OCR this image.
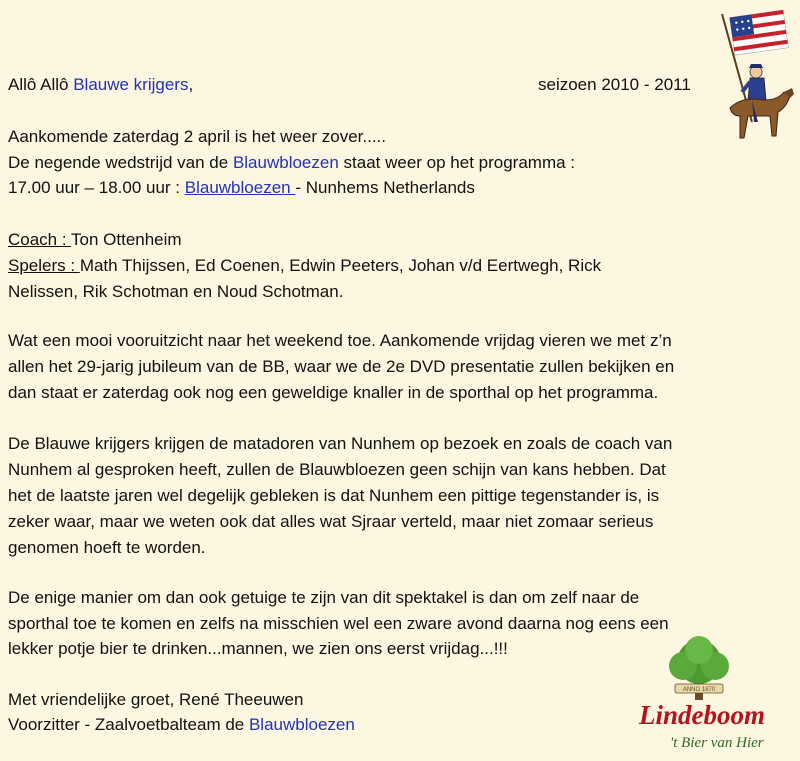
Allô Allô Blauwe krijgers,	seizoen 2010 - 2011
Aankomende zaterdag 2 april is het weer zover.....
De negende wedstrijd van de Blauwbloezen staat weer op het programma :
17.00 uur – 18.00 uur : Blauwbloezen - Nunhems Netherlands
Coach : Ton Ottenheim
Spelers : Math Thijssen, Ed Coenen, Edwin Peeters, Johan v/d Eertwegh, Rick
Nelissen, Rik Schotman en Noud Schotman.
Wat een mooi vooruitzicht naar het weekend toe. Aankomende vrijdag vieren we met z’n
allen het 29-jarig jubileum van de BB, waar we de 2e DVD presentatie zullen bekijken en
dan staat er zaterdag ook nog een geweldige knaller in de sporthal op het programma.
De Blauwe krijgers krijgen de matadoren van Nunhem op bezoek en zoals de coach van
Nunhem al gesproken heeft, zullen de Blauwbloezen geen schijn van kans hebben. Dat
het de laatste jaren wel degelijk gebleken is dat Nunhem een pittige tegenstander is, is
zeker waar, maar we weten ook dat alles wat Sjraar verteld, maar niet zomaar serieus
genomen hoeft te worden.
De enige manier om dan ook getuige te zijn van dit spektakel is dan om zelf naar de
sporthal toe te komen en zelfs na misschien wel een zware avond daarna nog eens een
lekker potje bier te drinken...mannen, we zien ons eerst vrijdag...!!!
Met vriendelijke groet, René Theeuwen
Voorzitter - Zaalvoetbalteam de Blauwbloezen
ANNO 1870
Lindeboom
't Bier van Hier
